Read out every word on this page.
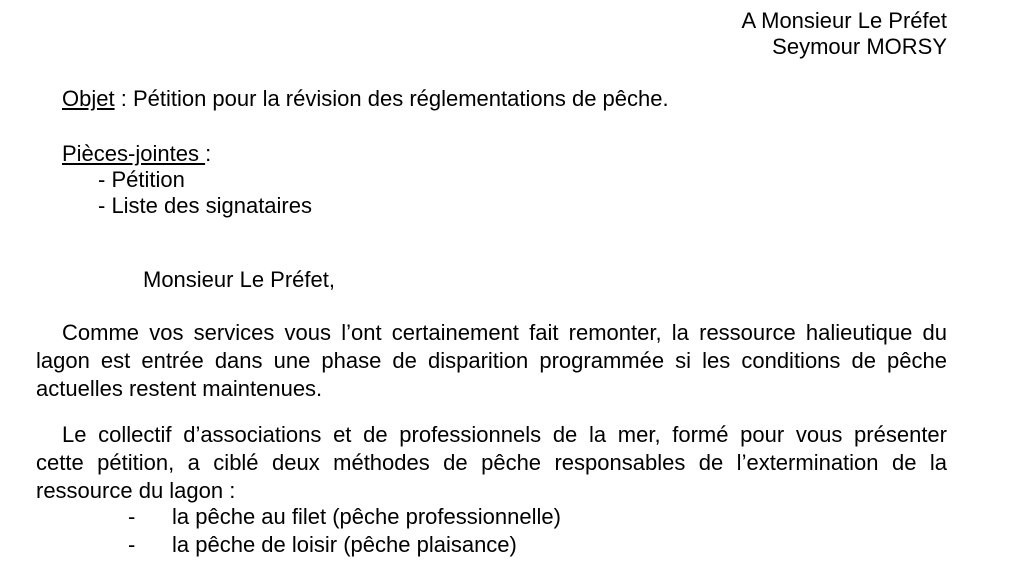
A Monsieur Le Préfet
Seymour MORSY
Objet : Pétition pour la révision des réglementations de pêche.
Pièces-jointes :
- Pétition
- Liste des signataires
Monsieur Le Préfet,
Comme vos services vous l’ont certainement fait remonter, la ressource halieutique du
lagon est entrée dans une phase de disparition programmée si les conditions de pêche
actuelles restent maintenues.
Le collectif d’associations et de professionnels de la mer, formé pour vous présenter
cette pétition, a ciblé deux méthodes de pêche responsables de l’extermination de la
ressource du lagon :
- la pêche au filet (pêche professionnelle)
- la pêche de loisir (pêche plaisance)
